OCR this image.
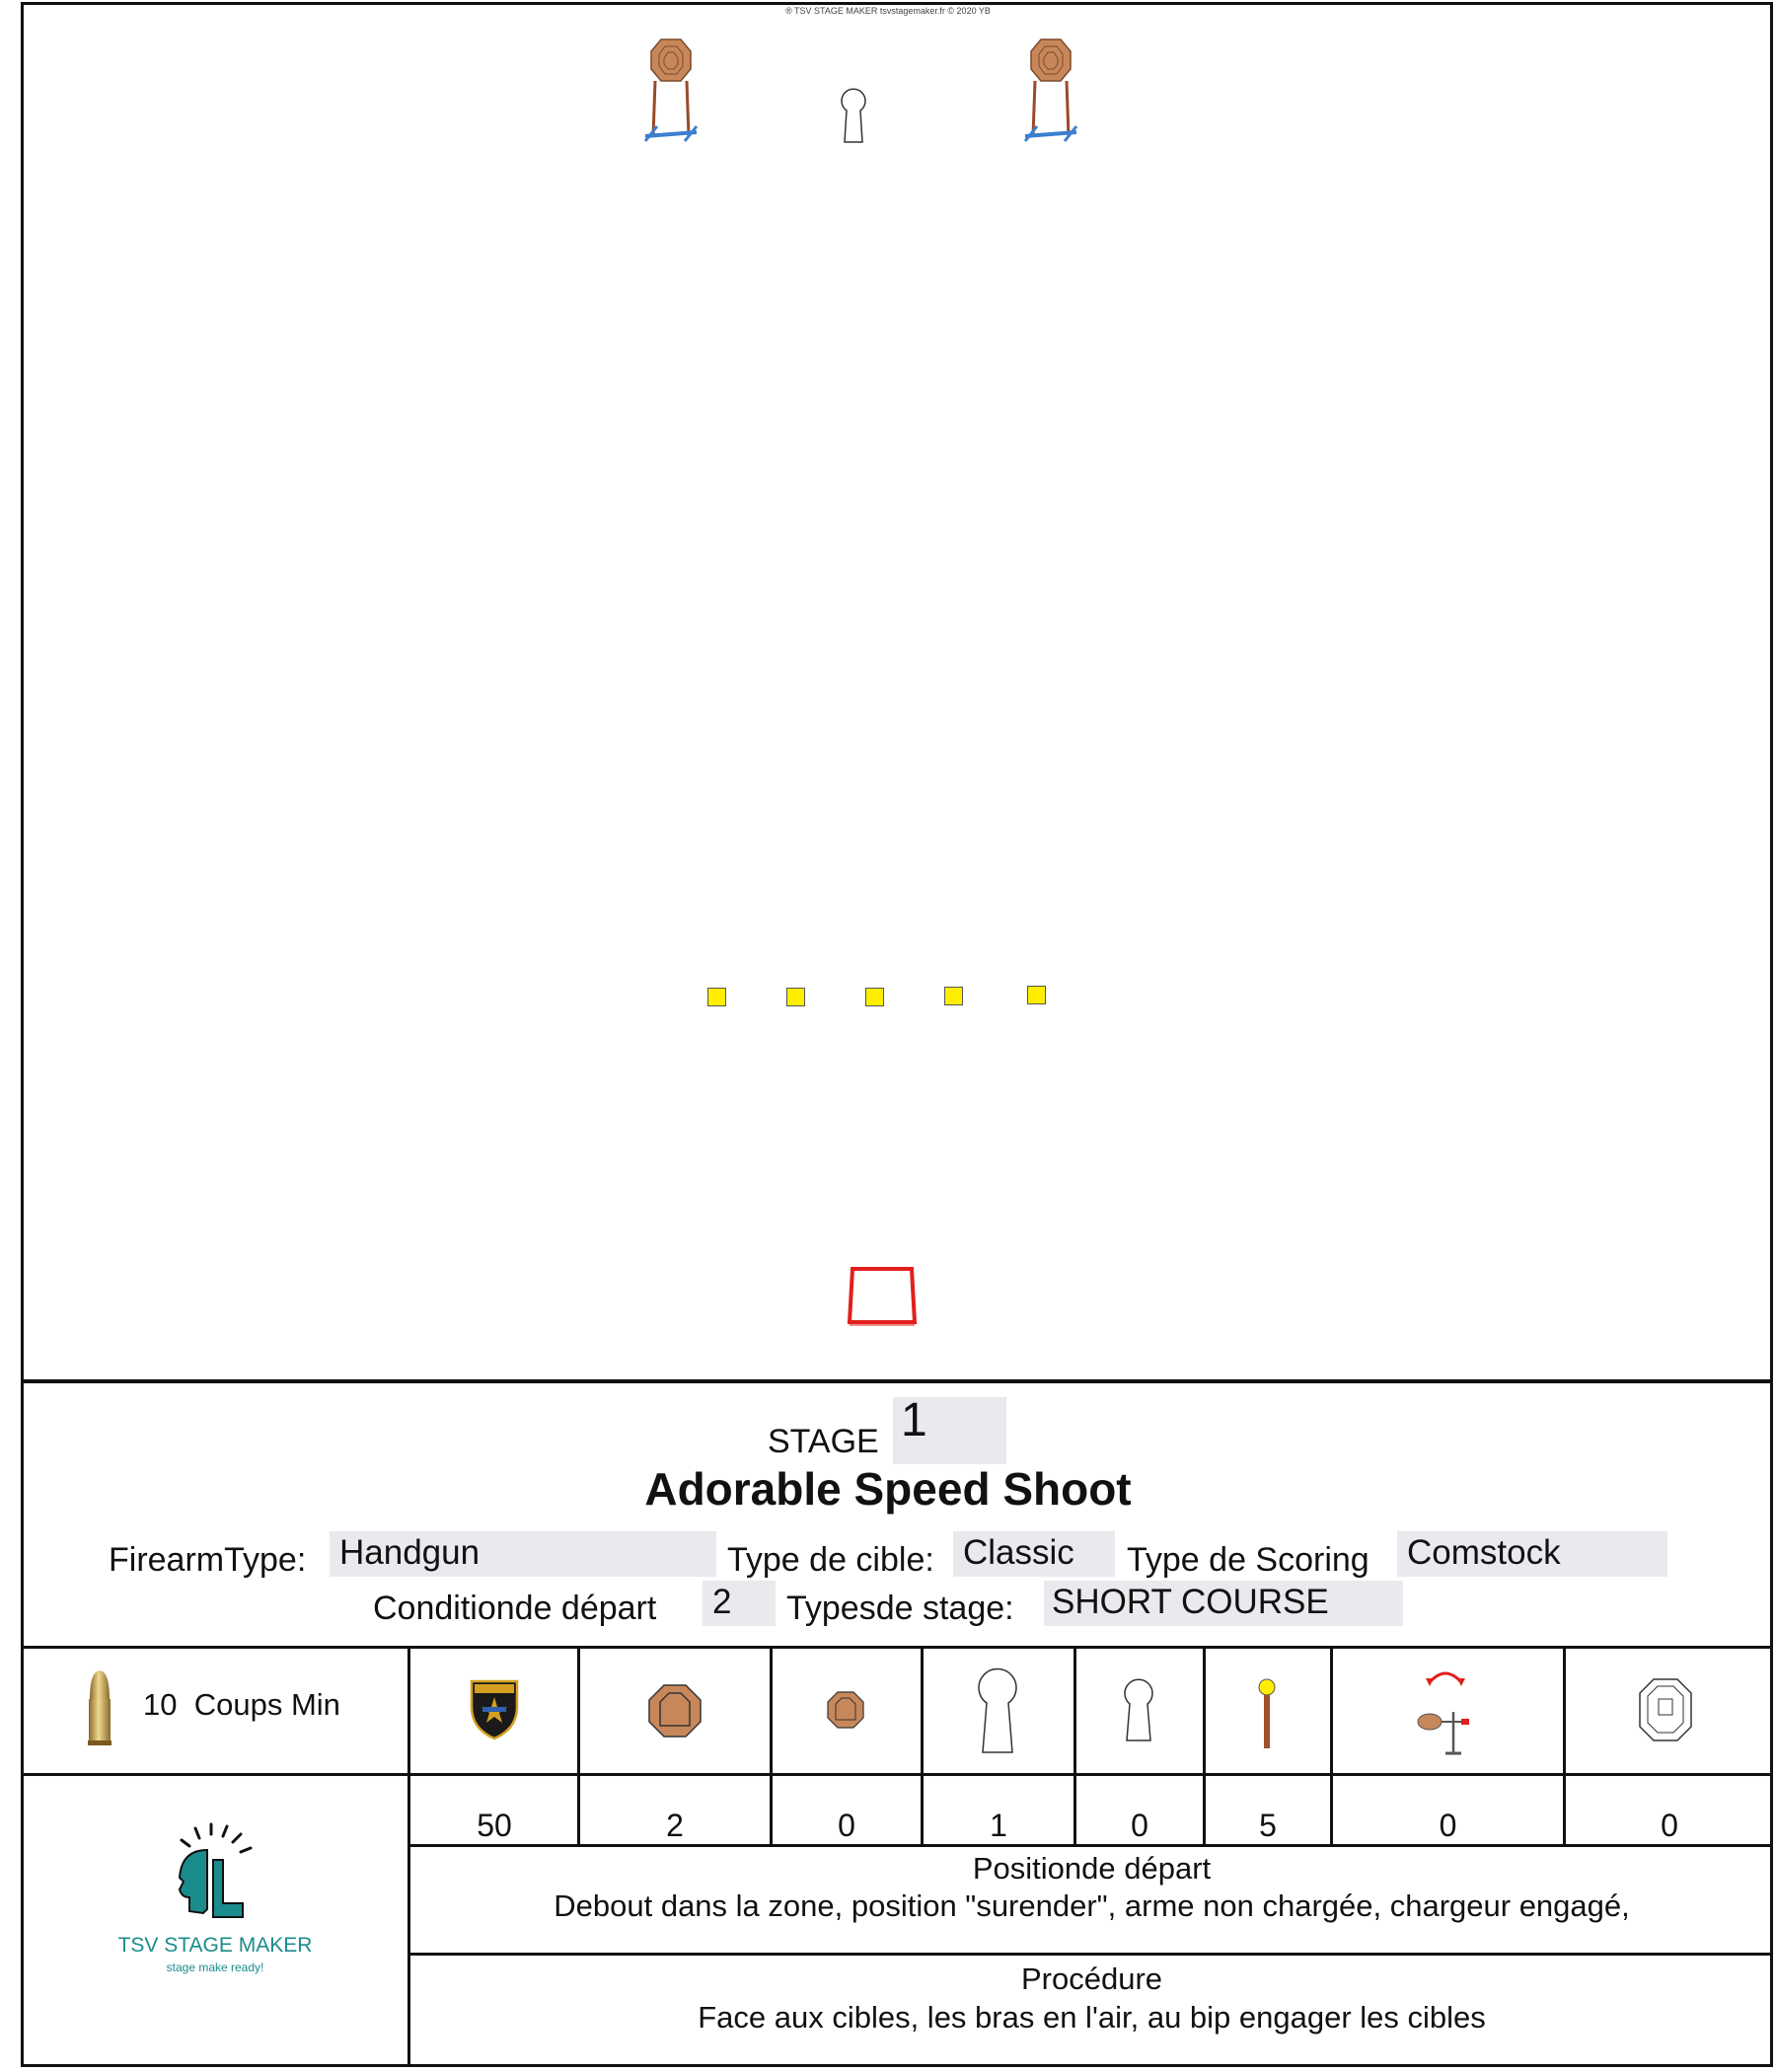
® TSV STAGE MAKER tsvstagemaker.fr © 2020 YB
STAGE 1
Adorable Speed Shoot
FirearmType: Handgun	Type de cible: Classic Type de Scoring Comstock
Conditionde départ 2 Typesde stage: SHORT COURSE
10 Coups Min
50	2	0	1	0	5	0	0
Positionde départ
Debout dans la zone, position "surender", arme non chargée, chargeur engagé,
Procédure
Face aux cibles, les bras en l'air, au bip engager les cibles
TSV STAGE MAKER
stage make ready!
